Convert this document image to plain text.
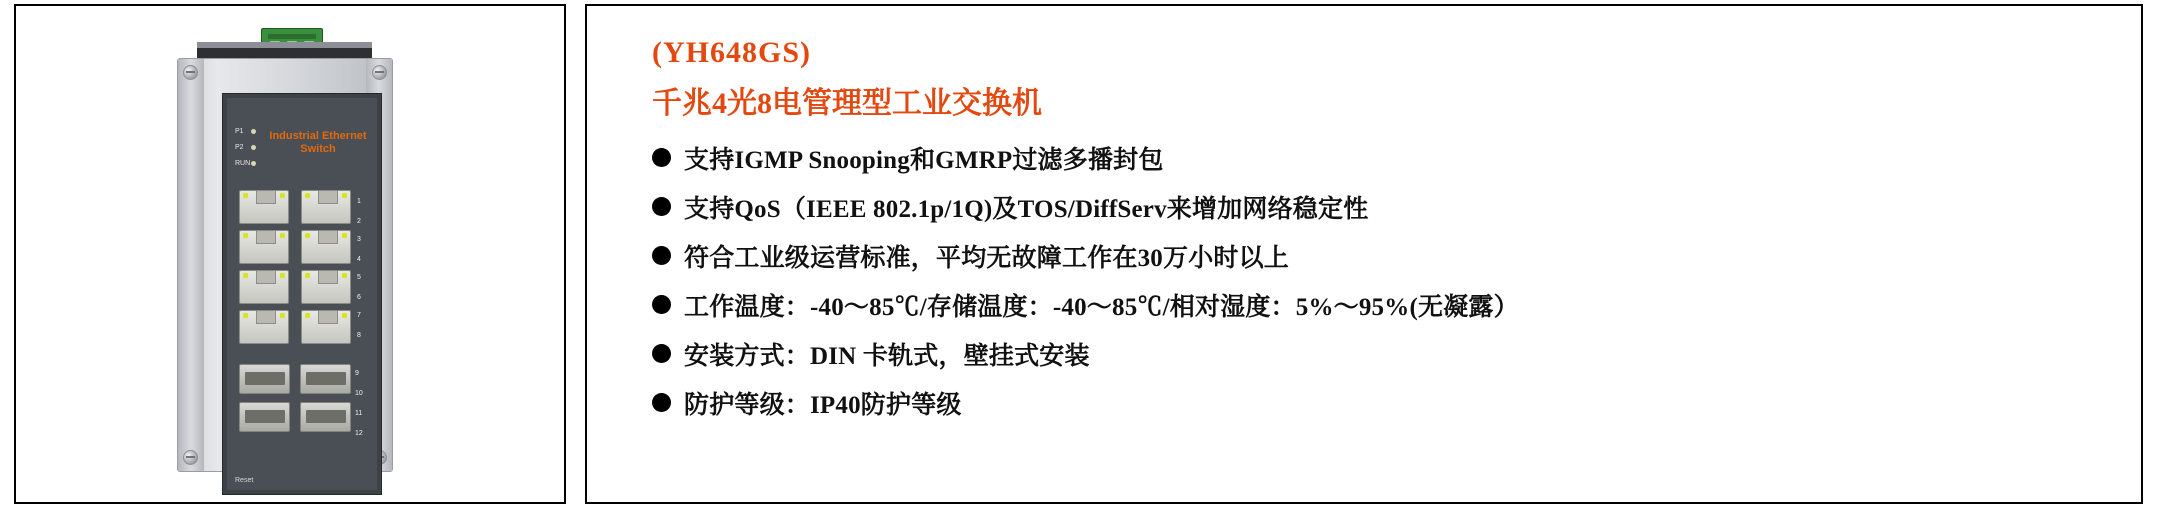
Industrial Ethernet Switch
P1
P2
RUN
1
2
3
4
5
6
7
8
9
10
11
12
Reset
(YH648GS)
千兆4光8电管理型工业交换机
支持IGMP Snooping和GMRP过滤多播封包
支持QoS（IEEE 802.1p/1Q)及TOS/DiffServ来增加网络稳定性
符合工业级运营标准，平均无故障工作在30万小时以上
工作温度：-40～85℃/存储温度：-40～85℃/相对湿度：5%～95%(无凝露）
安装方式：DIN 卡轨式，壁挂式安装
防护等级：IP40防护等级
